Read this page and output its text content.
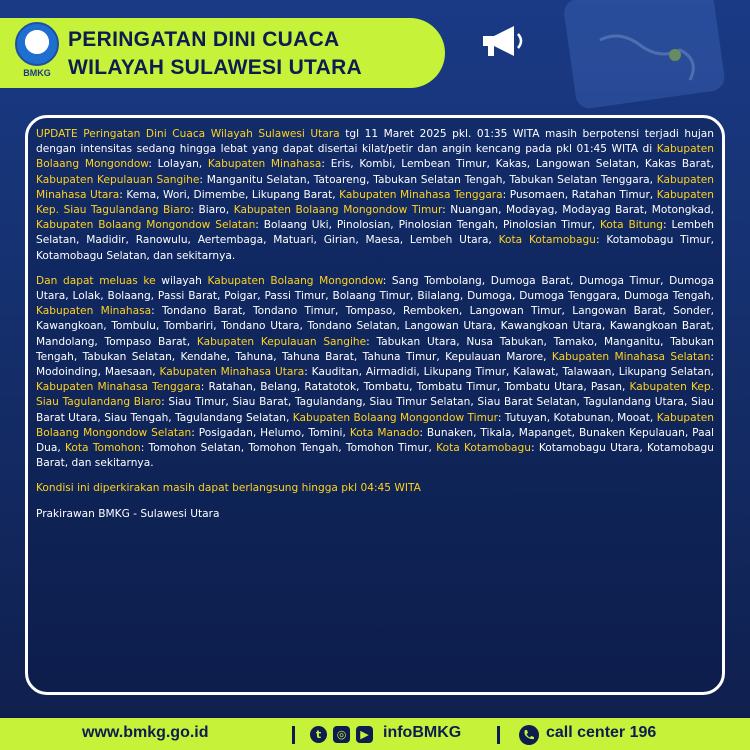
BMKG
PERINGATAN DINI CUACA
WILAYAH SULAWESI UTARA

UPDATE Peringatan Dini Cuaca Wilayah Sulawesi Utara tgl 11 Maret 2025 pkl. 01:35 WITA masih berpotensi terjadi hujan dengan intensitas sedang hingga lebat yang dapat disertai kilat/petir dan angin kencang pada pkl 01:45 WITA di Kabupaten Bolaang Mongondow: Lolayan, Kabupaten Minahasa: Eris, Kombi, Lembean Timur, Kakas, Langowan Selatan, Kakas Barat, Kabupaten Kepulauan Sangihe: Manganitu Selatan, Tatoareng, Tabukan Selatan Tengah, Tabukan Selatan Tenggara, Kabupaten Minahasa Utara: Kema, Wori, Dimembe, Likupang Barat, Kabupaten Minahasa Tenggara: Pusomaen, Ratahan Timur, Kabupaten Kep. Siau Tagulandang Biaro: Biaro, Kabupaten Bolaang Mongondow Timur: Nuangan, Modayag, Modayag Barat, Motongkad, Kabupaten Bolaang Mongondow Selatan: Bolaang Uki, Pinolosian, Pinolosian Tengah, Pinolosian Timur, Kota Bitung: Lembeh Selatan, Madidir, Ranowulu, Aertembaga, Matuari, Girian, Maesa, Lembeh Utara, Kota Kotamobagu: Kotamobagu Timur, Kotamobagu Selatan, dan sekitarnya.

Dan dapat meluas ke wilayah Kabupaten Bolaang Mongondow: Sang Tombolang, Dumoga Barat, Dumoga Timur, Dumoga Utara, Lolak, Bolaang, Passi Barat, Poigar, Passi Timur, Bolaang Timur, Bilalang, Dumoga, Dumoga Tenggara, Dumoga Tengah, Kabupaten Minahasa: Tondano Barat, Tondano Timur, Tompaso, Remboken, Langowan Timur, Langowan Barat, Sonder, Kawangkoan, Tombulu, Tombariri, Tondano Utara, Tondano Selatan, Langowan Utara, Kawangkoan Utara, Kawangkoan Barat, Mandolang, Tompaso Barat, Kabupaten Kepulauan Sangihe: Tabukan Utara, Nusa Tabukan, Tamako, Manganitu, Tabukan Tengah, Tabukan Selatan, Kendahe, Tahuna, Tahuna Barat, Tahuna Timur, Kepulauan Marore, Kabupaten Minahasa Selatan: Modoinding, Maesaan, Kabupaten Minahasa Utara: Kauditan, Airmadidi, Likupang Timur, Kalawat, Talawaan, Likupang Selatan, Kabupaten Minahasa Tenggara: Ratahan, Belang, Ratatotok, Tombatu, Tombatu Timur, Tombatu Utara, Pasan, Kabupaten Kep. Siau Tagulandang Biaro: Siau Timur, Siau Barat, Tagulandang, Siau Timur Selatan, Siau Barat Selatan, Tagulandang Utara, Siau Barat Utara, Siau Tengah, Tagulandang Selatan, Kabupaten Bolaang Mongondow Timur: Tutuyan, Kotabunan, Mooat, Kabupaten Bolaang Mongondow Selatan: Posigadan, Helumo, Tomini, Kota Manado: Bunaken, Tikala, Mapanget, Bunaken Kepulauan, Paal Dua, Kota Tomohon: Tomohon Selatan, Tomohon Tengah, Tomohon Timur, Kota Kotamobagu: Kotamobagu Utara, Kotamobagu Barat, dan sekitarnya.

Kondisi ini diperkirakan masih dapat berlangsung hingga pkl 04:45 WITA

Prakirawan BMKG - Sulawesi Utara

www.bmkg.go.id	t	◎	▶ infoBMKG	call center 196
